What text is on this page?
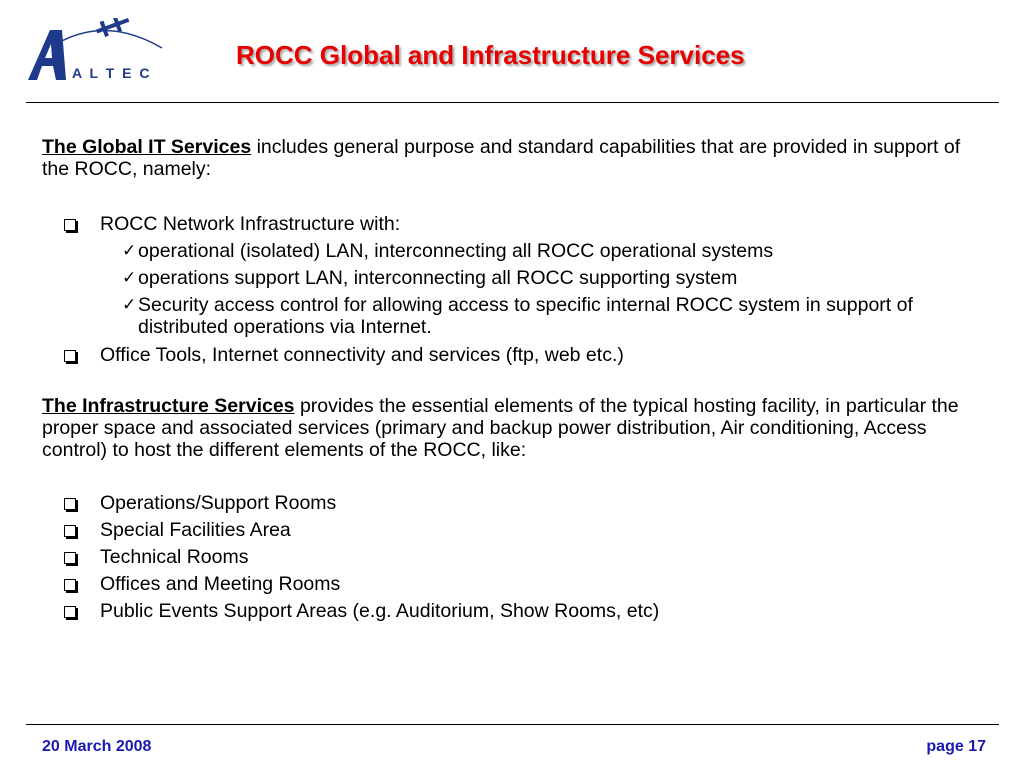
A L T E C
ROCC Global and Infrastructure Services

The Global IT Services includes general purpose and standard capabilities that are provided in support of the ROCC, namely:

ROCC Network Infrastructure with:
✓ operational (isolated) LAN, interconnecting all ROCC operational systems
✓ operations support LAN, interconnecting all ROCC supporting system
✓ Security access control for allowing access to specific internal ROCC system in support of distributed operations via Internet.
Office Tools, Internet connectivity and services (ftp, web etc.)

The Infrastructure Services provides the essential elements of the typical hosting facility, in particular the proper space and associated services (primary and backup power distribution, Air conditioning, Access control) to host the different elements of the ROCC, like:

Operations/Support Rooms
Special Facilities Area
Technical Rooms
Offices and Meeting Rooms
Public Events Support Areas (e.g. Auditorium, Show Rooms, etc)
20 March 2008	page 17
